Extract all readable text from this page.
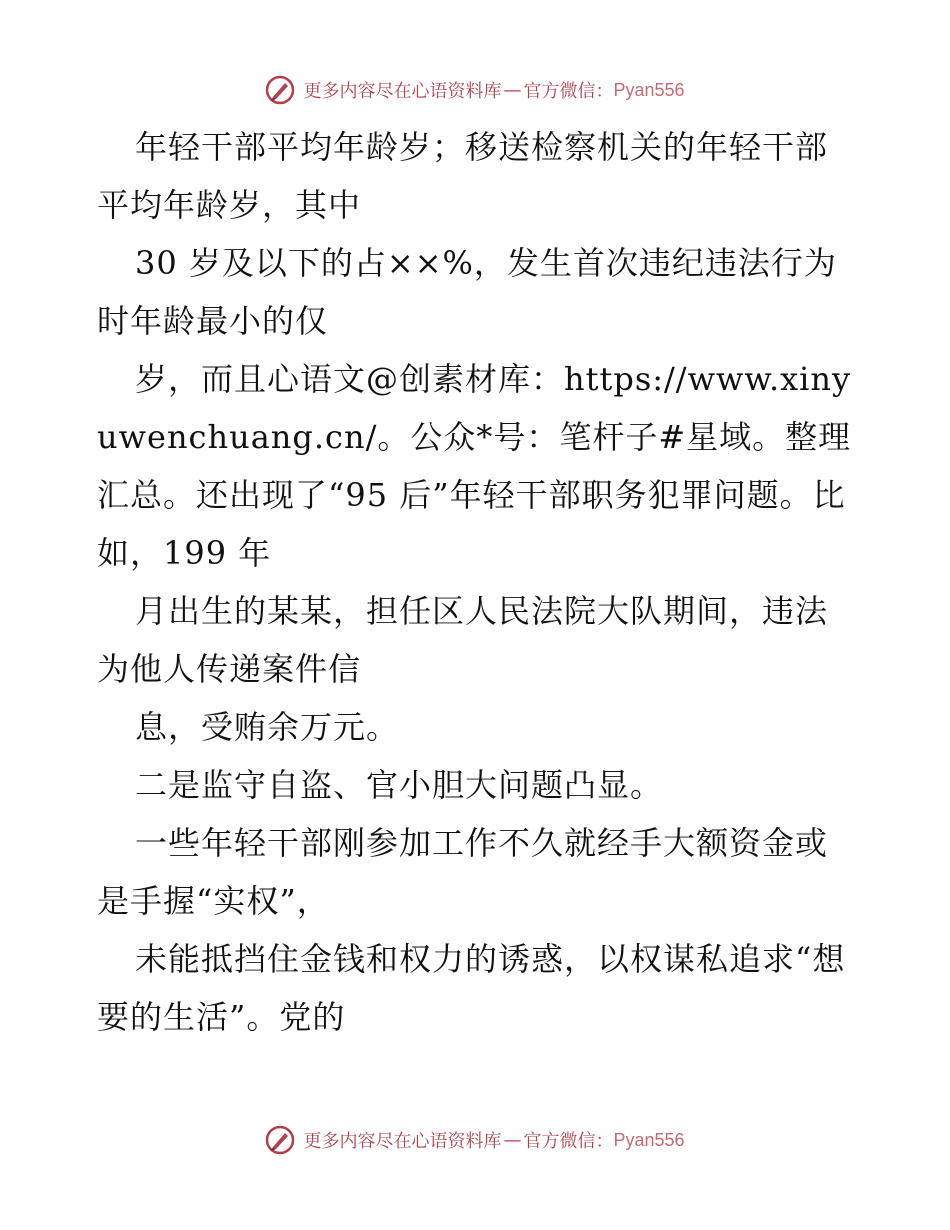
更多内容尽在心语资料库 — 官方微信： Pyan556

年轻干部平均年龄岁；移送检察机关的年轻干部平均年龄岁，其中

30 岁及以下的占××%，发生首次违纪违法行为时年龄最小的仅

岁，而且心语文@创素材库：https://www.xinyuwenchuang.cn/。公众*号：笔杆子#星域。整理汇总。还出现了“95 后”年轻干部职务犯罪问题。比如，199 年

月出生的某某，担任区人民法院大队期间，违法为他人传递案件信

息，受贿余万元。

二是监守自盗、官小胆大问题凸显。

一些年轻干部刚参加工作不久就经手大额资金或是手握“实权”，

未能抵挡住金钱和权力的诱惑，以权谋私追求“想要的生活”。党的

更多内容尽在心语资料库 — 官方微信： Pyan556
